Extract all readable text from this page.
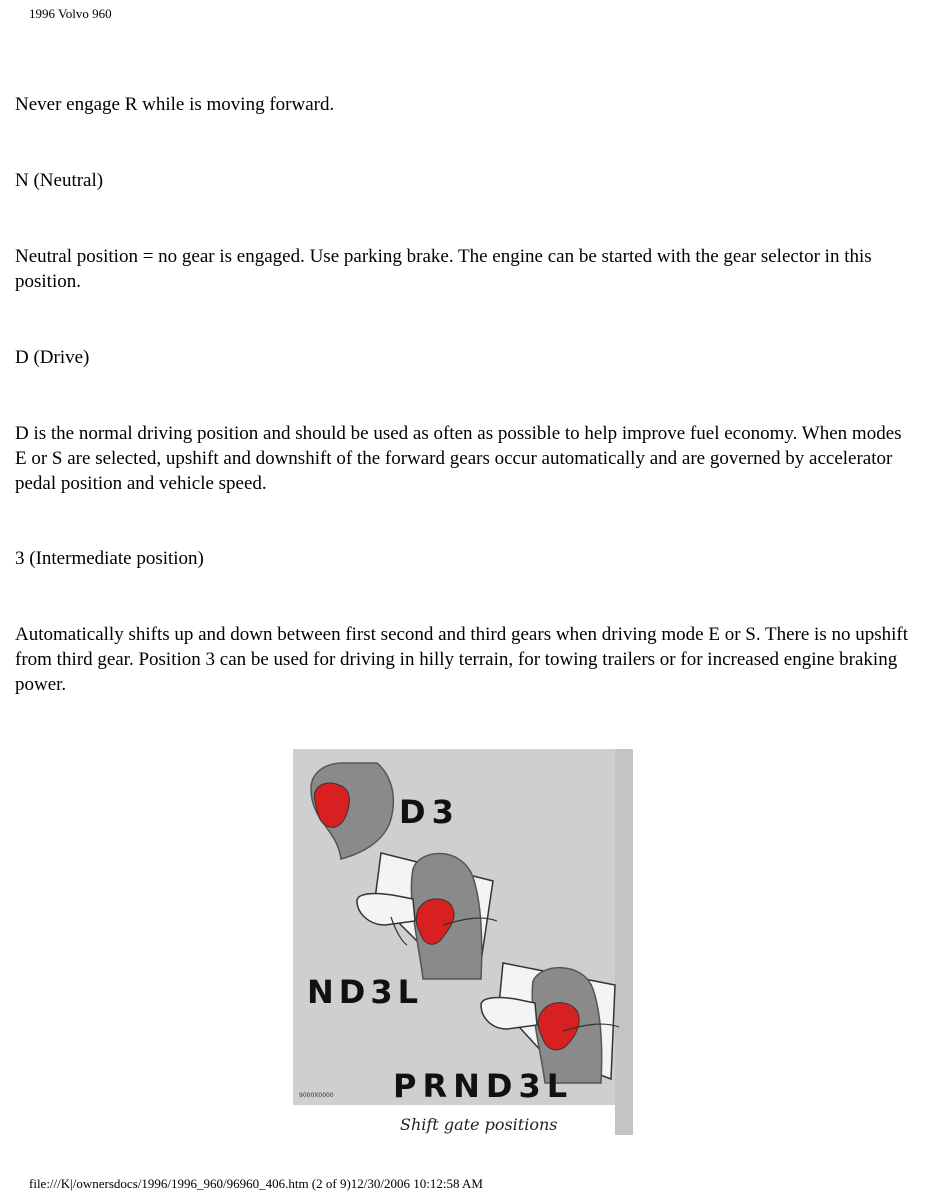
1996 Volvo 960

Never engage R while is moving forward.

N (Neutral)

Neutral position = no gear is engaged. Use parking brake. The engine can be started with the gear selector in this position.

D (Drive)

D is the normal driving position and should be used as often as possible to help improve fuel economy. When modes E or S are selected, upshift and downshift of the forward gears occur automatically and are governed by accelerator pedal position and vehicle speed.

3 (Intermediate position)

Automatically shifts up and down between first second and third gears when driving mode E or S. There is no upshift from third gear. Position 3 can be used for driving in hilly terrain, for towing trailers or for increased engine braking power.

D3
ND3L
PRND3L
9000X0000
Shift gate positions
file:///K|/ownersdocs/1996/1996_960/96960_406.htm (2 of 9)12/30/2006 10:12:58 AM
